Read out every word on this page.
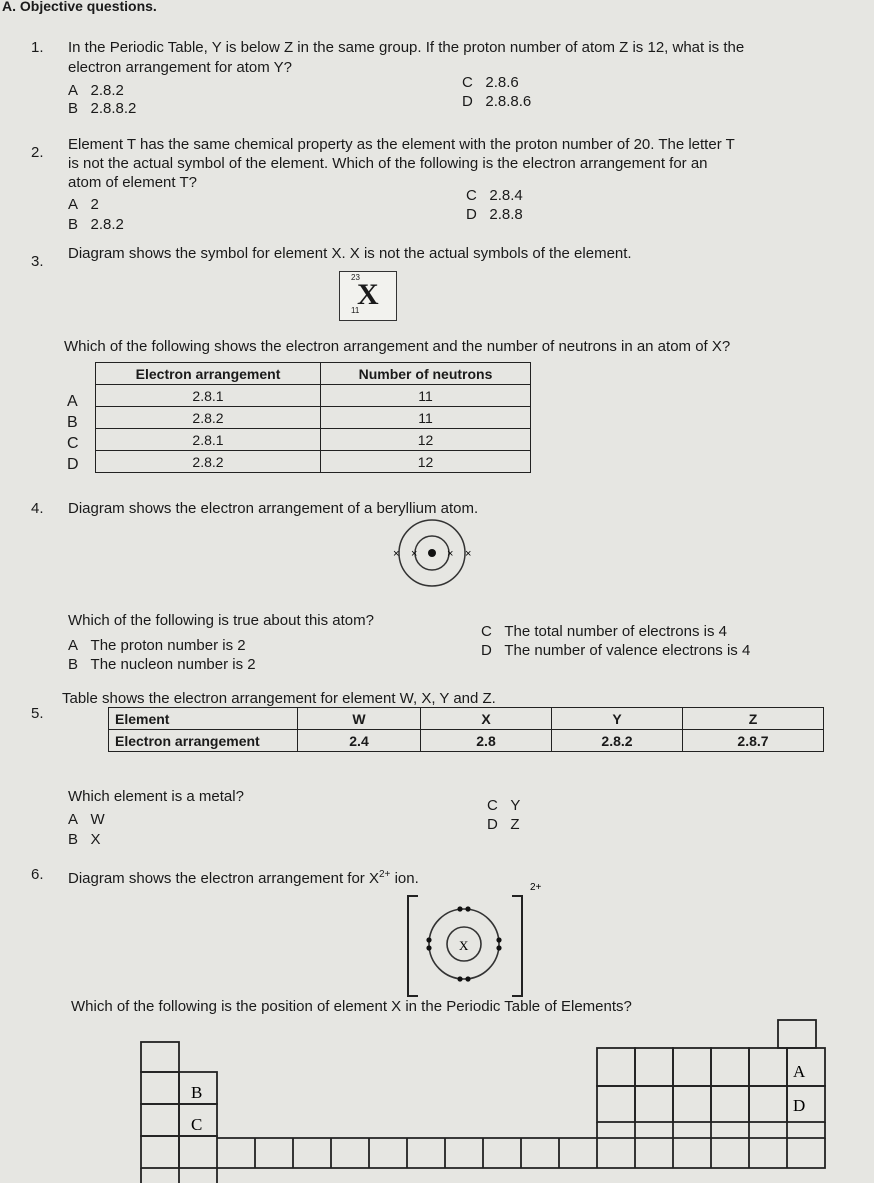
A. Objective questions.
1. In the Periodic Table, Y is below Z in the same group. If the proton number of atom Z is 12, what is the
electron arrangement for atom Y?
A 2.8.2
B 2.8.8.2
C 2.8.6
D 2.8.8.6
2. Element T has the same chemical property as the element with the proton number of 20. The letter T
is not the actual symbol of the element. Which of the following is the electron arrangement for an
atom of element T?
A 2
B 2.8.2
C 2.8.4
D 2.8.8
3. Diagram shows the symbol for element X. X is not the actual symbols of the element.
23
X
11
Which of the following shows the electron arrangement and the number of neutrons in an atom of X?
Electron arrangement	Number of neutrons
2.8.1	11
2.8.2	11
2.8.1	12
2.8.2	12
A
B
C
D
4. Diagram shows the electron arrangement of a beryllium atom.
×	×
×	×
Which of the following is true about this atom?
A The proton number is 2
B The nucleon number is 2
C The total number of electrons is 4
D The number of valence electrons is 4
5.
Table shows the electron arrangement for element W, X, Y and Z.
Element	W	X	Y	Z
Electron arrangement	2.4	2.8	2.8.2	2.8.7
Which element is a metal?
A W
B X
C Y
D Z
6. Diagram shows the electron arrangement for $X^{2+}$ ion.
2+
X
Which of the following is the position of element X in the Periodic Table of Elements?
B
C
A
D
